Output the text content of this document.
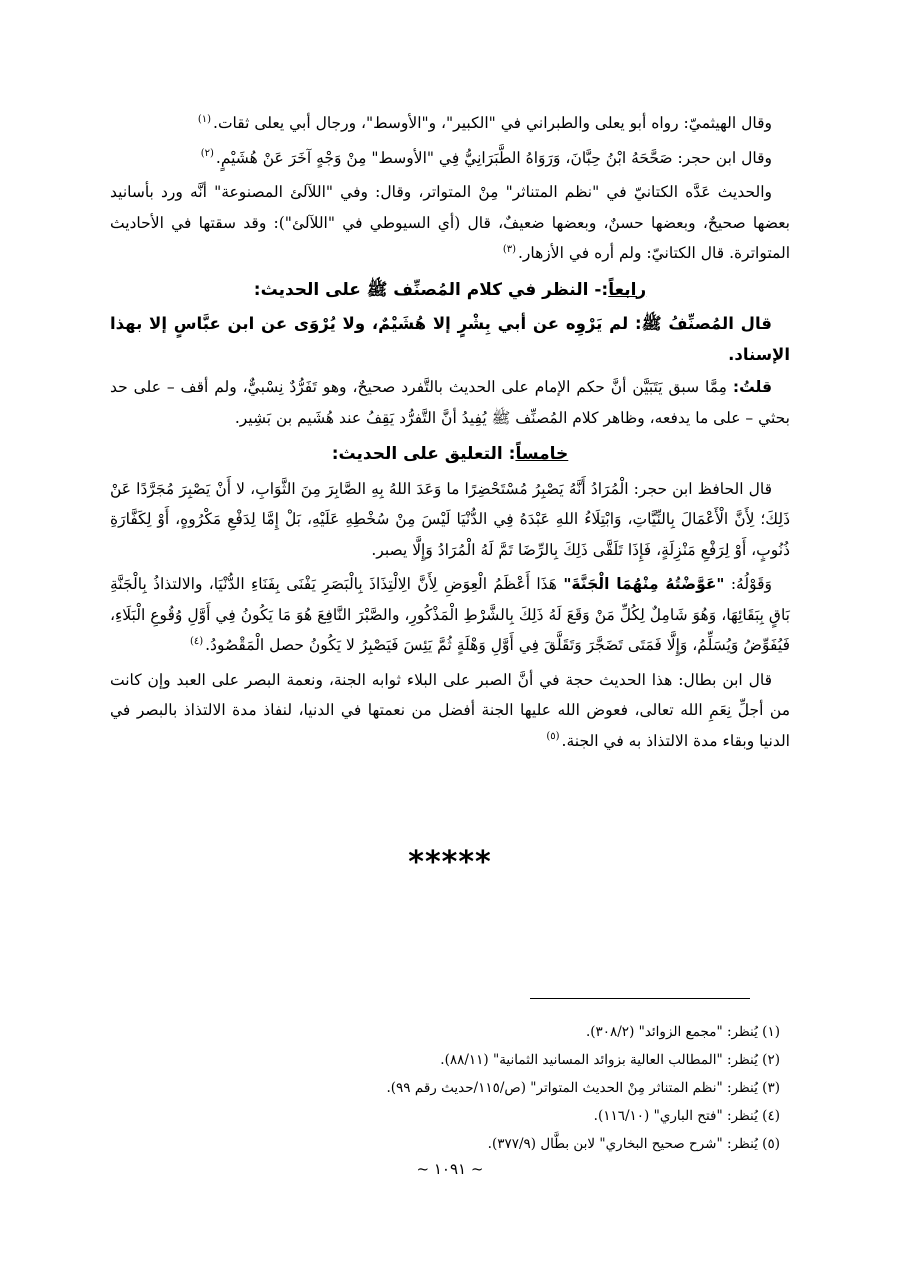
وقال الهيثميّ: رواه أبو يعلى والطبراني في "الكبير"، و"الأوسط"، ورجال أبي يعلى ثقات.$^{(١)}$

وقال ابن حجر: صَحَّحَهُ ابْنُ حِبَّانَ، وَرَوَاهُ الطَّبَرَانِيُّ فِي "الأوسط" مِنْ وَجْهٍ آخَرَ عَنْ هُشَيْمٍ.$^{(٢)}$

والحديث عَدَّه الكتانيّ في "نظم المتناثر" مِنْ المتواتر، وقال: وفي "اللآلئ المصنوعة" أنَّه ورد بأسانيد بعضها صحيحٌ، وبعضها حسنٌ، وبعضها ضعيفٌ، قال (أي السيوطي في "اللآلئ"): وقد سقتها في الأحاديث المتواترة. قال الكتانيّ: ولم أره في الأزهار.$^{(٣)}$

رابعاً:- النظر في كلام المُصنِّف ﷺ على الحديث:
قال المُصنِّفُ ﷺ: لم يَرْوِه عن أبي بِشْرٍ إلا هُشَيْمٌ، ولا يُرْوَى عن ابن عبَّاسٍ إلا بهذا الإسناد.

قلتُ: مِمَّا سبق يَتَبَيَّن أنَّ حكم الإمام على الحديث بالتَّفرد صحيحٌ، وهو تَفَرُّدٌ نِسْبيٌّ، ولم أقف – على حد بحثي – على ما يدفعه، وظاهر كلام المُصنِّف ﷺ يُفِيدُ أنَّ التَّفرُّد يَقِفُ عند هُشَيم بن بَشِير.

خامساً: التعليق على الحديث:

قال الحافظ ابن حجر: الْمُرَادُ أَنَّهُ يَصْبِرُ مُسْتَحْضِرًا ما وَعَدَ اللهُ بِهِ الصَّابِرَ مِنَ الثَّوَابِ، لا أَنْ يَصْبِرَ مُجَرَّدًا عَنْ ذَلِكَ؛ لِأَنَّ الْأَعْمَالَ بِالنِّيَّاتِ، وَابْتِلَاءُ اللهِ عَبْدَهُ فِي الدُّنْيَا لَيْسَ مِنْ سُخْطِهِ عَلَيْهِ، بَلْ إِمَّا لِدَفْعِ مَكْرُوهٍ، أَوْ لِكَفَّارَةِ ذُنُوبٍ، أَوْ لِرَفْعِ مَنْزِلَةٍ، فَإِذَا تَلَقَّى ذَلِكَ بِالرِّضَا تَمَّ لَهُ الْمُرَادُ وَإِلَّا يصبر.

وَقَوْلُهُ: "عَوَّضْتُهُ مِنْهُمَا الْجَنَّةَ" هَذَا أَعْظَمُ الْعِوَضِ لِأَنَّ الِالْتِذَاذَ بِالْبَصَرِ يَفْنَى بِفَنَاءِ الدُّنْيَا، والالتذاذُ بِالْجَنَّةِ بَاقٍ بِبَقَائِهَا، وَهُوَ شَامِلٌ لِكُلِّ مَنْ وَقَعَ لَهُ ذَلِكَ بِالشَّرْطِ الْمَذْكُورِ، والصَّبْرَ النَّافِعَ هُوَ مَا يَكُونُ فِي أَوَّلِ وُقُوعِ الْبَلَاءِ، فَيُفَوِّضُ وَيُسَلِّمُ، وَإِلَّا فَمَتَى تَضَجَّرَ وَتَقَلَّقَ فِي أَوَّلِ وَهْلَةٍ ثُمَّ يَئِسَ فَيَصْبِرُ لا يَكُونُ حصل الْمَقْصُودُ.$^{(٤)}$

قال ابن بطال: هذا الحديث حجة في أنَّ الصبر على البلاء ثوابه الجنة، ونعمة البصر على العبد وإن كانت من أجلِّ نِعَمِ الله تعالى، فعوض الله عليها الجنة أفضل من نعمتها في الدنيا، لنفاذ مدة الالتذاذ بالبصر في الدنيا وبقاء مدة الالتذاذ به في الجنة.$^{(٥)}$

*****
(١) يُنظر: "مجمع الزوائد" (٣٠٨/٢).
(٢) يُنظر: "المطالب العالية بزوائد المسانيد الثمانية" (٨٨/١١).
(٣) يُنظر: "نظم المتناثر مِنْ الحديث المتواتر" (ص/١١٥/حديث رقم ٩٩).
(٤) يُنظر: "فتح الباري" (١١٦/١٠).
(٥) يُنظر: "شرح صحيح البخاري" لابن بطَّال (٣٧٧/٩).
~ ١٠٩١ ~
